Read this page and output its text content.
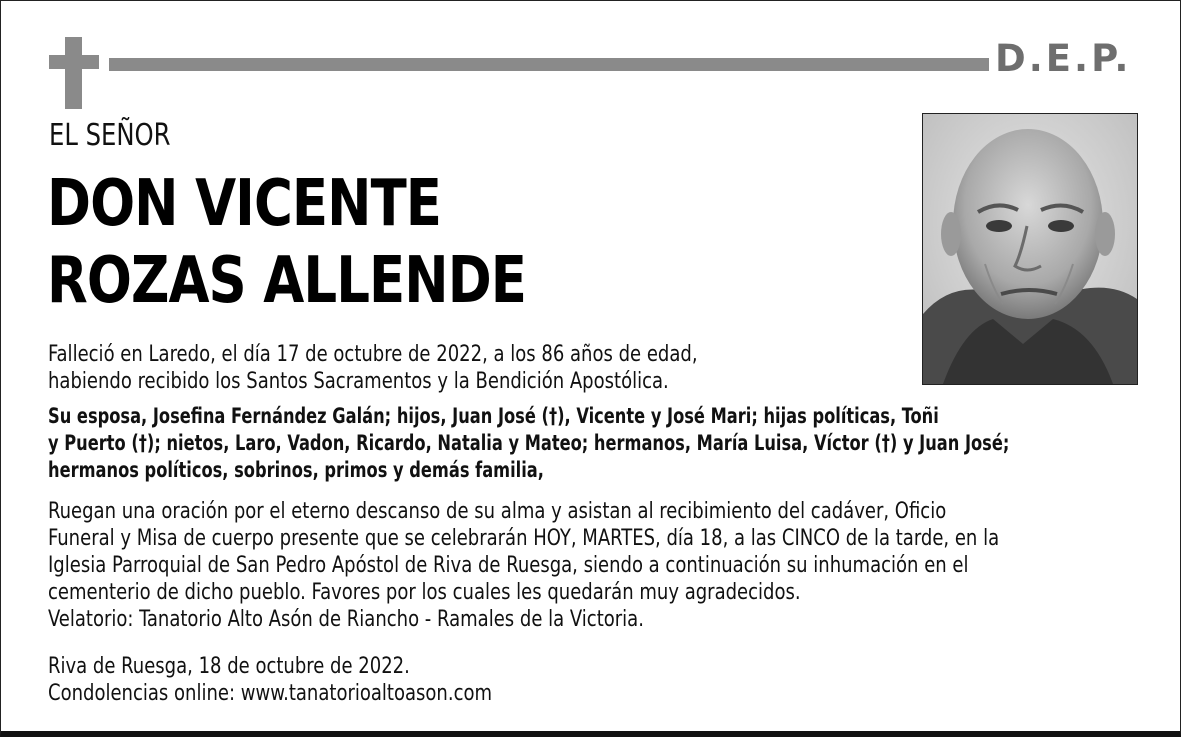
D.E.P.
EL SEÑOR
DON VICENTE
ROZAS ALLENDE
Falleció en Laredo, el día 17 de octubre de 2022, a los 86 años de edad,
habiendo recibido los Santos Sacramentos y la Bendición Apostólica.
Su esposa, Josefina Fernández Galán; hijos, Juan José (†), Vicente y José Mari; hijas políticas, Toñi
y Puerto (†); nietos, Laro, Vadon, Ricardo, Natalia y Mateo; hermanos, María Luisa, Víctor (†) y Juan José;
hermanos políticos, sobrinos, primos y demás familia,
Ruegan una oración por el eterno descanso de su alma y asistan al recibimiento del cadáver, Oficio
Funeral y Misa de cuerpo presente que se celebrarán HOY, MARTES, día 18, a las CINCO de la tarde, en la
Iglesia Parroquial de San Pedro Apóstol de Riva de Ruesga, siendo a continuación su inhumación en el
cementerio de dicho pueblo. Favores por los cuales les quedarán muy agradecidos.
Velatorio: Tanatorio Alto Asón de Riancho - Ramales de la Victoria.
Riva de Ruesga, 18 de octubre de 2022.
Condolencias online: www.tanatorioaltoason.com
